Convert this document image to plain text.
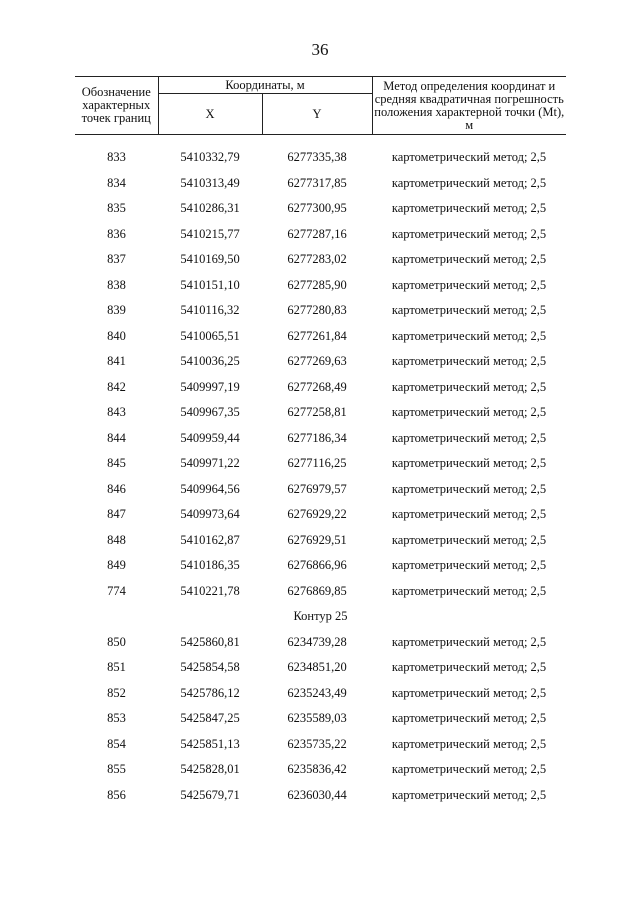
36
Обозначение характерных точек границ	Координаты, м		Метод определения координат и средняя квадратичная погрешность положения характерной точки (Mt), м
	X	Y	

833	5410332,79	6277335,38	картометрический метод; 2,5
834	5410313,49	6277317,85	картометрический метод; 2,5
835	5410286,31	6277300,95	картометрический метод; 2,5
836	5410215,77	6277287,16	картометрический метод; 2,5
837	5410169,50	6277283,02	картометрический метод; 2,5
838	5410151,10	6277285,90	картометрический метод; 2,5
839	5410116,32	6277280,83	картометрический метод; 2,5
840	5410065,51	6277261,84	картометрический метод; 2,5
841	5410036,25	6277269,63	картометрический метод; 2,5
842	5409997,19	6277268,49	картометрический метод; 2,5
843	5409967,35	6277258,81	картометрический метод; 2,5
844	5409959,44	6277186,34	картометрический метод; 2,5
845	5409971,22	6277116,25	картометрический метод; 2,5
846	5409964,56	6276979,57	картометрический метод; 2,5
847	5409973,64	6276929,22	картометрический метод; 2,5
848	5410162,87	6276929,51	картометрический метод; 2,5
849	5410186,35	6276866,96	картометрический метод; 2,5
774	5410221,78	6276869,85	картометрический метод; 2,5
Контур 25			
850	5425860,81	6234739,28	картометрический метод; 2,5
851	5425854,58	6234851,20	картометрический метод; 2,5
852	5425786,12	6235243,49	картометрический метод; 2,5
853	5425847,25	6235589,03	картометрический метод; 2,5
854	5425851,13	6235735,22	картометрический метод; 2,5
855	5425828,01	6235836,42	картометрический метод; 2,5
856	5425679,71	6236030,44	картометрический метод; 2,5
